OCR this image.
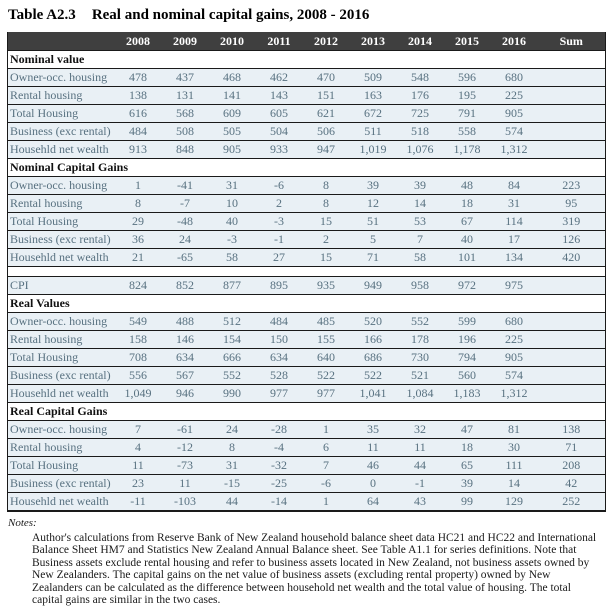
Table A2.3 Real and nominal capital gains, 2008 - 2016
	2008	2009	2010	2011	2012	2013	2014	2015	2016	Sum
Nominal value										
Owner-occ. housing	478	437	468	462	470	509	548	596	680	
Rental housing	138	131	141	143	151	163	176	195	225	
Total Housing	616	568	609	605	621	672	725	791	905	
Business (exc rental)	484	508	505	504	506	511	518	558	574	
Househld net wealth	913	848	905	933	947	1,019	1,076	1,178	1,312	
Nominal Capital Gains										
Owner-occ. housing	1	-41	31	-6	8	39	39	48	84	223
Rental housing	8	-7	10	2	8	12	14	18	31	95
Total Housing	29	-48	40	-3	15	51	53	67	114	319
Business (exc rental)	36	24	-3	-1	2	5	7	40	17	126
Househld net wealth	21	-65	58	27	15	71	58	101	134	420

CPI	824	852	877	895	935	949	958	972	975	
Real Values										
Owner-occ. housing	549	488	512	484	485	520	552	599	680	
Rental housing	158	146	154	150	155	166	178	196	225	
Total Housing	708	634	666	634	640	686	730	794	905	
Business (exc rental)	556	567	552	528	522	522	521	560	574	
Househld net wealth	1,049	946	990	977	977	1,041	1,084	1,183	1,312	
Real Capital Gains										
Owner-occ. housing	7	-61	24	-28	1	35	32	47	81	138
Rental housing	4	-12	8	-4	6	11	11	18	30	71
Total Housing	11	-73	31	-32	7	46	44	65	111	208
Business (exc rental)	23	11	-15	-25	-6	0	-1	39	14	42
Househld net wealth	-11	-103	44	-14	1	64	43	99	129	252
Notes:
Author's calculations from Reserve Bank of New Zealand household balance sheet data HC21 and HC22 and International Balance Sheet HM7 and Statistics New Zealand Annual Balance sheet. See Table A1.1 for series definitions. Note that Business assets exclude rental housing and refer to business assets located in New Zealand, not business assets owned by New Zealanders. The capital gains on the net value of business assets (excluding rental property) owned by New Zealanders can be calculated as the difference between household net wealth and the total value of housing. The total capital gains are similar in the two cases.
